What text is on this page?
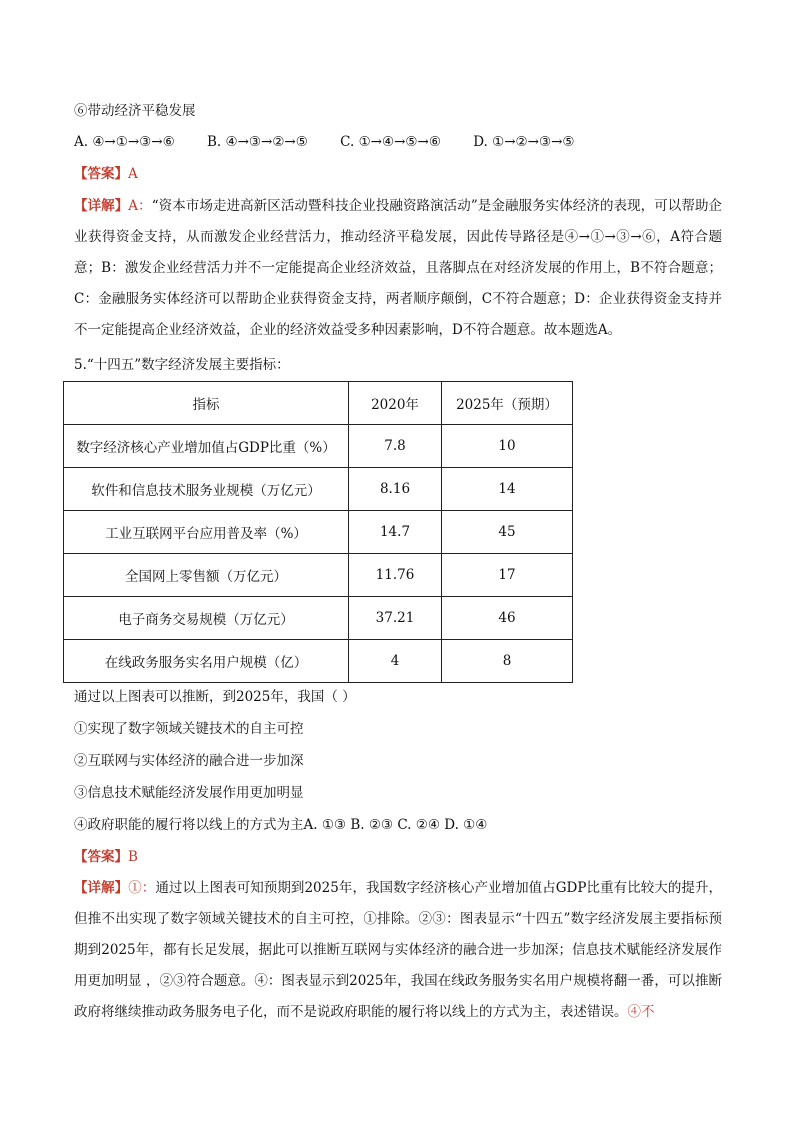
⑥带动经济平稳发展
A. ④→①→③→⑥ B. ④→③→②→⑤ C. ①→④→⑤→⑥ D. ①→②→③→⑤
【答案】A
【详解】A：“资本市场走进高新区活动暨科技企业投融资路演活动”是金融服务实体经济的表现，可以帮助企业获得资金支持，从而激发企业经营活力，推动经济平稳发展，因此传导路径是④→①→③→⑥，A符合题意；B：激发企业经营活力并不一定能提高企业经济效益，且落脚点在对经济发展的作用上，B不符合题意；C：金融服务实体经济可以帮助企业获得资金支持，两者顺序颠倒，C不符合题意；D：企业获得资金支持并不一定能提高企业经济效益，企业的经济效益受多种因素影响，D不符合题意。故本题选A。
5.“十四五”数字经济发展主要指标：
指标	2020年	2025年（预期）
数字经济核心产业增加值占GDP比重（%）	7.8	10
软件和信息技术服务业规模（万亿元）	8.16	14
工业互联网平台应用普及率（%）	14.7	45
全国网上零售额（万亿元）	11.76	17
电子商务交易规模（万亿元）	37.21	46
在线政务服务实名用户规模（亿）	4	8
通过以上图表可以推断，到2025年，我国（ ）
①实现了数字领域关键技术的自主可控
②互联网与实体经济的融合进一步加深
③信息技术赋能经济发展作用更加明显
④政府职能的履行将以线上的方式为主A. ①③ B. ②③ C. ②④ D. ①④
【答案】B
【详解】①：通过以上图表可知预期到2025年，我国数字经济核心产业增加值占GDP比重有比较大的提升，但推不出实现了数字领域关键技术的自主可控，①排除。②③：图表显示“十四五”数字经济发展主要指标预期到2025年，都有长足发展，据此可以推断互联网与实体经济的融合进一步加深；信息技术赋能经济发展作用更加明显 ，②③符合题意。④：图表显示到2025年，我国在线政务服务实名用户规模将翻一番，可以推断政府将继续推动政务服务电子化，而不是说政府职能的履行将以线上的方式为主，表述错误。④不
